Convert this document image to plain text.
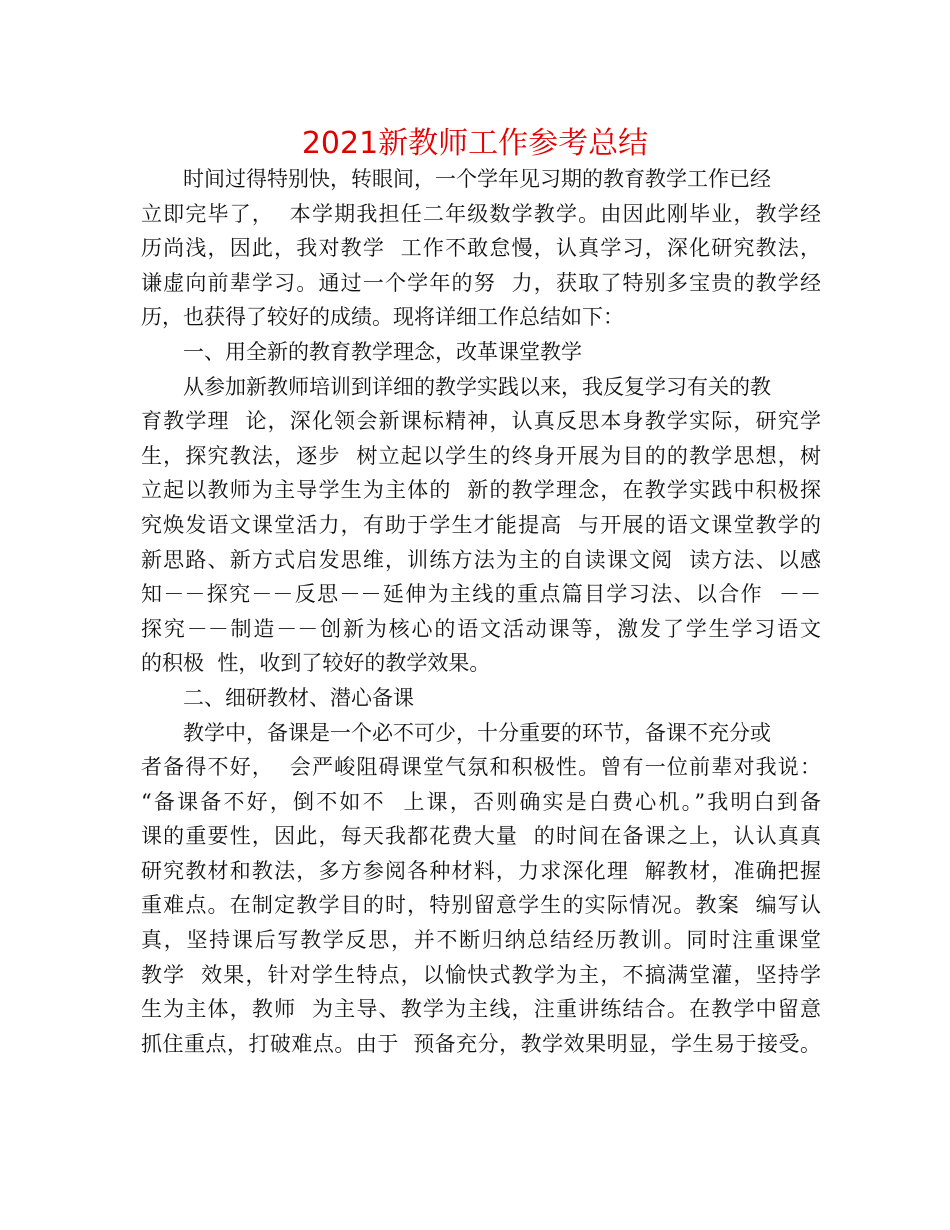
2021新教师工作参考总结
时间过得特别快，转眼间，一个学年见习期的教育教学工作已经
立即完毕了，  本学期我担任二年级数学教学。由因此刚毕业，教学经
历尚浅，因此，我对教学  工作不敢怠慢，认真学习，深化研究教法，
谦虚向前辈学习。通过一个学年的努  力，获取了特别多宝贵的教学经
历，也获得了较好的成绩。现将详细工作总结如下：
一、用全新的教育教学理念，改革课堂教学
从参加新教师培训到详细的教学实践以来，我反复学习有关的教
育教学理  论，深化领会新课标精神，认真反思本身教学实际，研究学
生，探究教法，逐步  树立起以学生的终身开展为目的的教学思想，树
立起以教师为主导学生为主体的  新的教学理念，在教学实践中积极探
究焕发语文课堂活力，有助于学生才能提高  与开展的语文课堂教学的
新思路、新方式启发思维，训练方法为主的自读课文阅  读方法、以感
知－－探究－－反思－－延伸为主线的重点篇目学习法、以合作  －－
探究－－制造－－创新为核心的语文活动课等，激发了学生学习语文
的积极  性，收到了较好的教学效果。
二、细研教材、潜心备课
教学中，备课是一个必不可少，十分重要的环节，备课不充分或
者备得不好，  会严峻阻碍课堂气氛和积极性。曾有一位前辈对我说：
“备课备不好，倒不如不  上课，否则确实是白费心机。”我明白到备
课的重要性，因此，每天我都花费大量  的时间在备课之上，认认真真
研究教材和教法，多方参阅各种材料，力求深化理  解教材，准确把握
重难点。在制定教学目的时，特别留意学生的实际情况。教案  编写认
真，坚持课后写教学反思，并不断归纳总结经历教训。同时注重课堂
教学  效果，针对学生特点，以愉快式教学为主，不搞满堂灌，坚持学
生为主体，教师  为主导、教学为主线，注重讲练结合。在教学中留意
抓住重点，打破难点。由于  预备充分，教学效果明显，学生易于接受。
